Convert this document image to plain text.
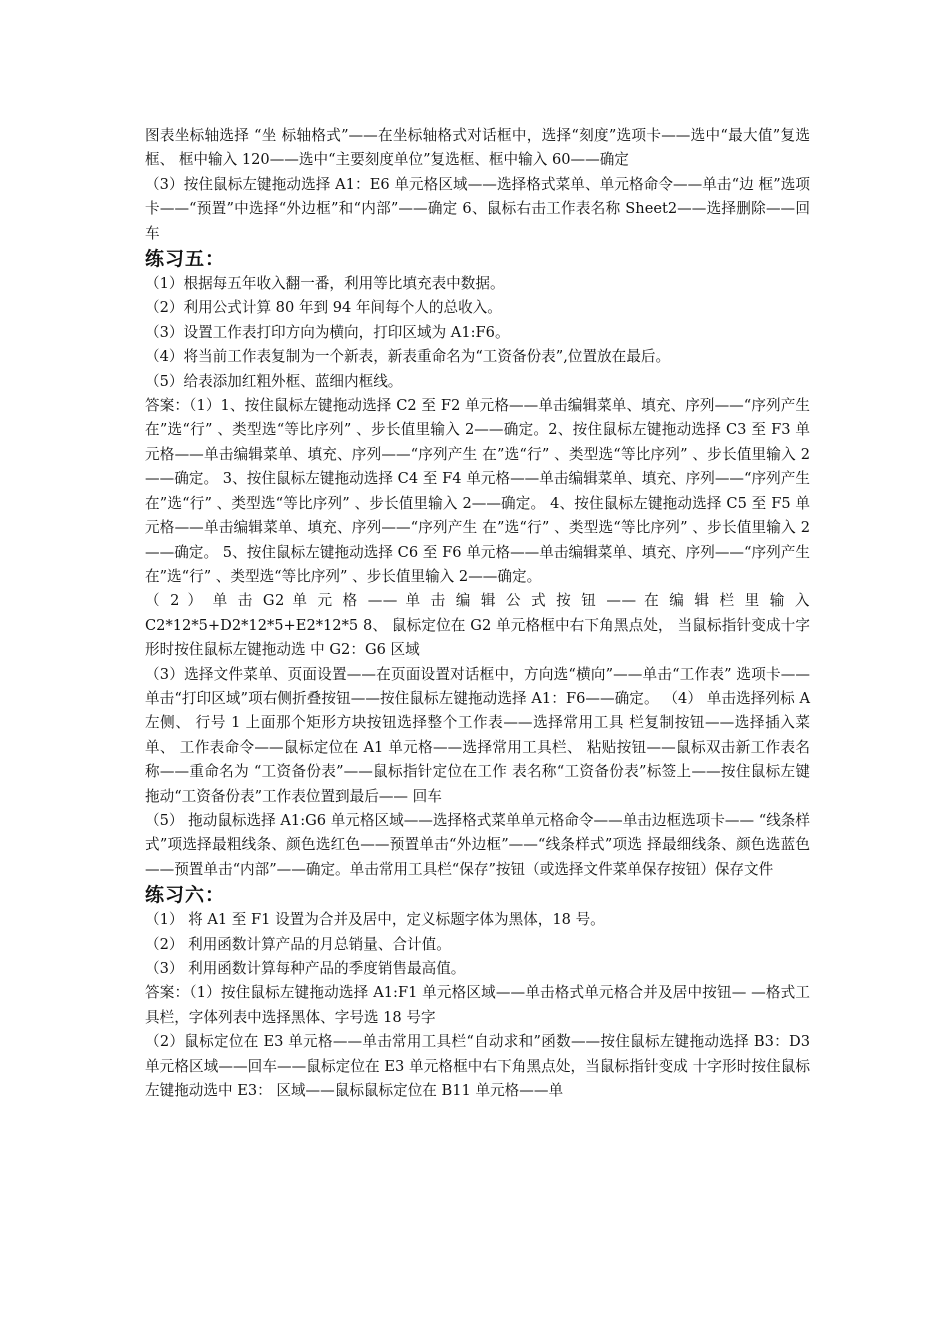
图表坐标轴选择 “坐 标轴格式”——在坐标轴格式对话框中，选择“刻度”选项卡——选中“最大值”复选框、 框中输入 120——选中“主要刻度单位”复选框、框中输入 60——确定

（3）按住鼠标左键拖动选择 A1：E6 单元格区域——选择格式菜单、单元格命令——单击“边 框”选项卡——“预置”中选择“外边框”和“内部”——确定 6、鼠标右击工作表名称 Sheet2——选择删除——回车

练习五：

（1）根据每五年收入翻一番，利用等比填充表中数据。

（2）利用公式计算 80 年到 94 年间每个人的总收入。

（3）设置工作表打印方向为横向，打印区域为 A1:F6。

（4）将当前工作表复制为一个新表，新表重命名为“工资备份表”,位置放在最后。

（5）给表添加红粗外框、蓝细内框线。

答案：（1）1、按住鼠标左键拖动选择 C2 至 F2 单元格——单击编辑菜单、填充、序列——“序列产生 在”选“行” 、类型选“等比序列” 、步长值里输入 2——确定。2、按住鼠标左键拖动选择 C3 至 F3 单元格——单击编辑菜单、填充、序列——“序列产生 在”选“行” 、类型选“等比序列” 、步长值里输入 2——确定。 3、按住鼠标左键拖动选择 C4 至 F4 单元格——单击编辑菜单、填充、序列——“序列产生 在”选“行” 、类型选“等比序列” 、步长值里输入 2——确定。 4、按住鼠标左键拖动选择 C5 至 F5 单元格——单击编辑菜单、填充、序列——“序列产生 在”选“行” 、类型选“等比序列” 、步长值里输入 2——确定。 5、按住鼠标左键拖动选择 C6 至 F6 单元格——单击编辑菜单、填充、序列——“序列产生 在”选“行” 、类型选“等比序列” 、步长值里输入 2——确定。

（ 2 ） 单 击 G2 单 元 格 —— 单 击 编 辑 公 式 按 钮 —— 在 编 辑 栏 里 输 入

C2*12*5+D2*12*5+E2*12*5 8、 鼠标定位在 G2 单元格框中右下角黑点处， 当鼠标指针变成十字形时按住鼠标左键拖动选 中 G2：G6 区域

（3）选择文件菜单、页面设置——在页面设置对话框中，方向选“横向”——单击“工作表” 选项卡——单击“打印区域”项右侧折叠按钮——按住鼠标左键拖动选择 A1：F6——确定。 （4） 单击选择列标 A 左侧、 行号 1 上面那个矩形方块按钮选择整个工作表——选择常用工具 栏复制按钮——选择插入菜单、 工作表命令——鼠标定位在 A1 单元格——选择常用工具栏、 粘贴按钮——鼠标双击新工作表名称——重命名为 “工资备份表”——鼠标指针定位在工作 表名称“工资备份表”标签上——按住鼠标左键拖动“工资备份表”工作表位置到最后—— 回车

（5） 拖动鼠标选择 A1:G6 单元格区域——选择格式菜单单元格命令——单击边框选项卡—— “线条样式”项选择最粗线条、颜色选红色——预置单击“外边框”——“线条样式”项选 择最细线条、颜色选蓝色——预置单击“内部”——确定。单击常用工具栏“保存”按钮（或选择文件菜单保存按钮）保存文件

练习六：

（1） 将 A1 至 F1 设置为合并及居中，定义标题字体为黑体，18 号。

（2） 利用函数计算产品的月总销量、合计值。

（3） 利用函数计算每种产品的季度销售最高值。

答案：（1）按住鼠标左键拖动选择 A1:F1 单元格区域——单击格式单元格合并及居中按钮— —格式工具栏，字体列表中选择黑体、字号选 18 号字

（2）鼠标定位在 E3 单元格——单击常用工具栏“自动求和”函数——按住鼠标左键拖动选择 B3：D3 单元格区域——回车——鼠标定位在 E3 单元格框中右下角黑点处，当鼠标指针变成 十字形时按住鼠标左键拖动选中 E3： 区域——鼠标鼠标定位在 B11 单元格——单
